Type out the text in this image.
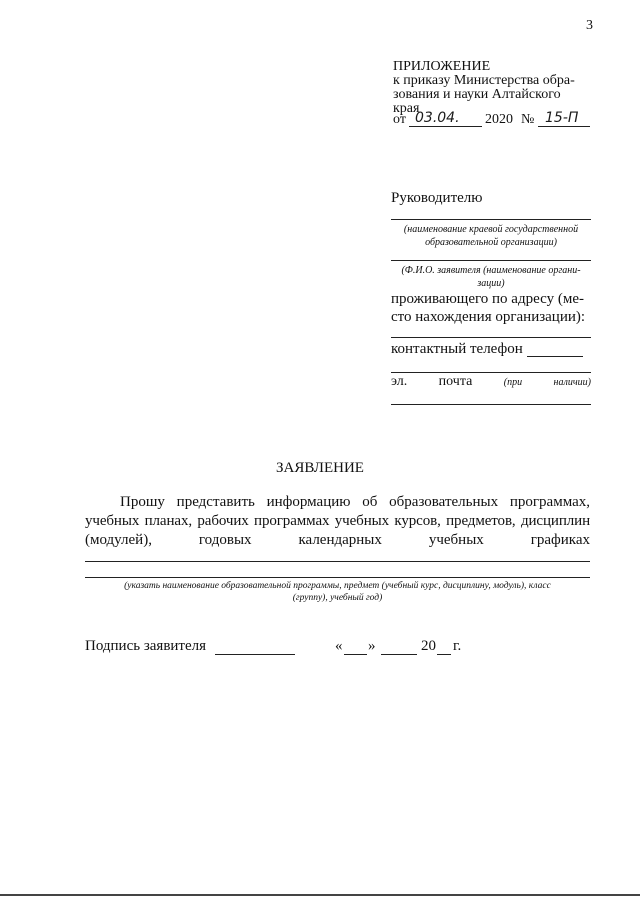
3
ПРИЛОЖЕНИЕ
к приказу Министерства обра-
зования и науки Алтайского
края
от 03.04. 2020 № 15-П
Руководителю
(наименование краевой государственной
образовательной организации)
(Ф.И.О. заявителя (наименование органи-
зации)
проживающего по адресу (ме-
сто нахождения организации):
контактный телефон
эл. почта	(при	наличии)
ЗАЯВЛЕНИЕ
Прошу представить информацию об образовательных программах,
учебных планах, рабочих программах учебных курсов, предметов, дисциплин
(модулей),	годовых	календарных	учебных	графиках
(указать наименование образовательной программы, предмет (учебный курс, дисциплину, модуль), класс
(группу), учебный год)
Подпись заявителя	« »	20 г.
